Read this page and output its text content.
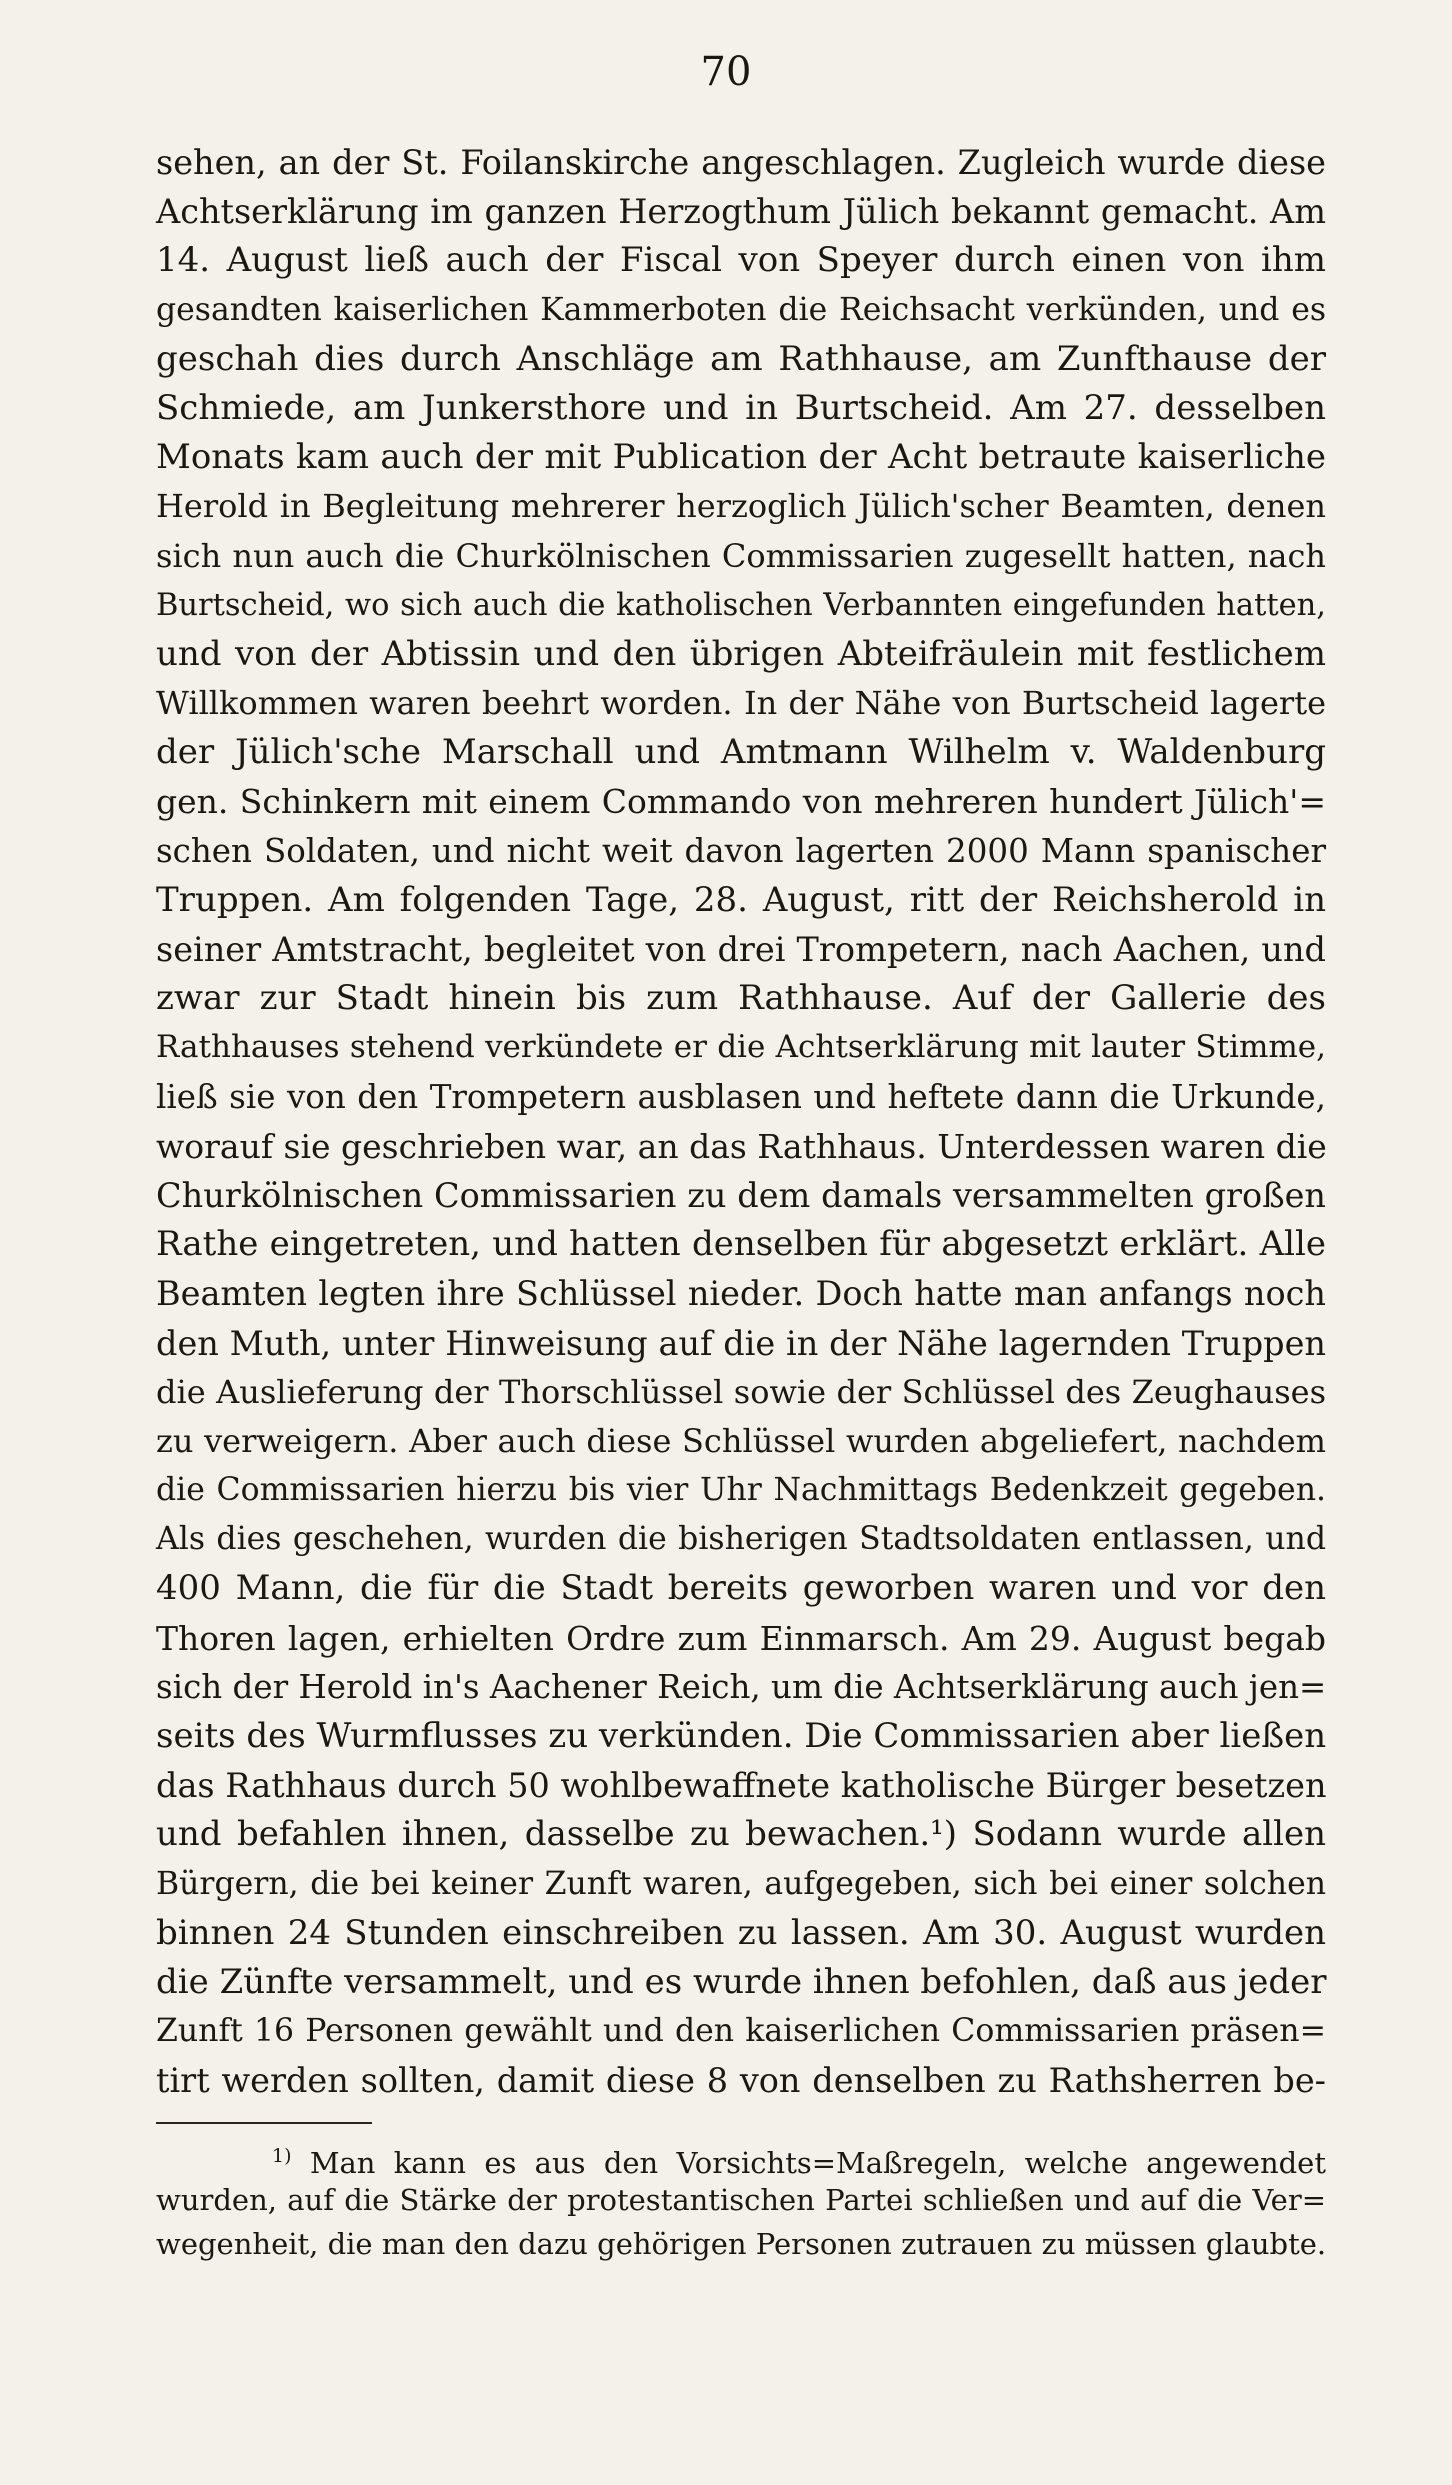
70
sehen, an der St. Foilanskirche angeschlagen. Zugleich wurde diese
Achtserklärung im ganzen Herzogthum Jülich bekannt gemacht. Am
14. August ließ auch der Fiscal von Speyer durch einen von ihm
gesandten kaiserlichen Kammerboten die Reichsacht verkünden, und es
geschah dies durch Anschläge am Rathhause, am Zunfthause der
Schmiede, am Junkersthore und in Burtscheid. Am 27. desselben
Monats kam auch der mit Publication der Acht betraute kaiserliche
Herold in Begleitung mehrerer herzoglich Jülich'scher Beamten, denen
sich nun auch die Churkölnischen Commissarien zugesellt hatten, nach
Burtscheid, wo sich auch die katholischen Verbannten eingefunden hatten,
und von der Abtissin und den übrigen Abteifräulein mit festlichem
Willkommen waren beehrt worden. In der Nähe von Burtscheid lagerte
der Jülich'sche Marschall und Amtmann Wilhelm v. Waldenburg
gen. Schinkern mit einem Commando von mehreren hundert Jülich'=
schen Soldaten, und nicht weit davon lagerten 2000 Mann spanischer
Truppen. Am folgenden Tage, 28. August, ritt der Reichsherold in
seiner Amtstracht, begleitet von drei Trompetern, nach Aachen, und
zwar zur Stadt hinein bis zum Rathhause. Auf der Gallerie des
Rathhauses stehend verkündete er die Achtserklärung mit lauter Stimme,
ließ sie von den Trompetern ausblasen und heftete dann die Urkunde,
worauf sie geschrieben war, an das Rathhaus. Unterdessen waren die
Churkölnischen Commissarien zu dem damals versammelten großen
Rathe eingetreten, und hatten denselben für abgesetzt erklärt. Alle
Beamten legten ihre Schlüssel nieder. Doch hatte man anfangs noch
den Muth, unter Hinweisung auf die in der Nähe lagernden Truppen
die Auslieferung der Thorschlüssel sowie der Schlüssel des Zeughauses
zu verweigern. Aber auch diese Schlüssel wurden abgeliefert, nachdem
die Commissarien hierzu bis vier Uhr Nachmittags Bedenkzeit gegeben.
Als dies geschehen, wurden die bisherigen Stadtsoldaten entlassen, und
400 Mann, die für die Stadt bereits geworben waren und vor den
Thoren lagen, erhielten Ordre zum Einmarsch. Am 29. August begab
sich der Herold in's Aachener Reich, um die Achtserklärung auch jen=
seits des Wurmflusses zu verkünden. Die Commissarien aber ließen
das Rathhaus durch 50 wohlbewaffnete katholische Bürger besetzen
und befahlen ihnen, dasselbe zu bewachen.¹) Sodann wurde allen
Bürgern, die bei keiner Zunft waren, aufgegeben, sich bei einer solchen
binnen 24 Stunden einschreiben zu lassen. Am 30. August wurden
die Zünfte versammelt, und es wurde ihnen befohlen, daß aus jeder
Zunft 16 Personen gewählt und den kaiserlichen Commissarien präsen=
tirt werden sollten, damit diese 8 von denselben zu Rathsherren be-
$^{1)}$ Man kann es aus den Vorsichts=Maßregeln, welche angewendet
wurden, auf die Stärke der protestantischen Partei schließen und auf die Ver=
wegenheit, die man den dazu gehörigen Personen zutrauen zu müssen glaubte.
